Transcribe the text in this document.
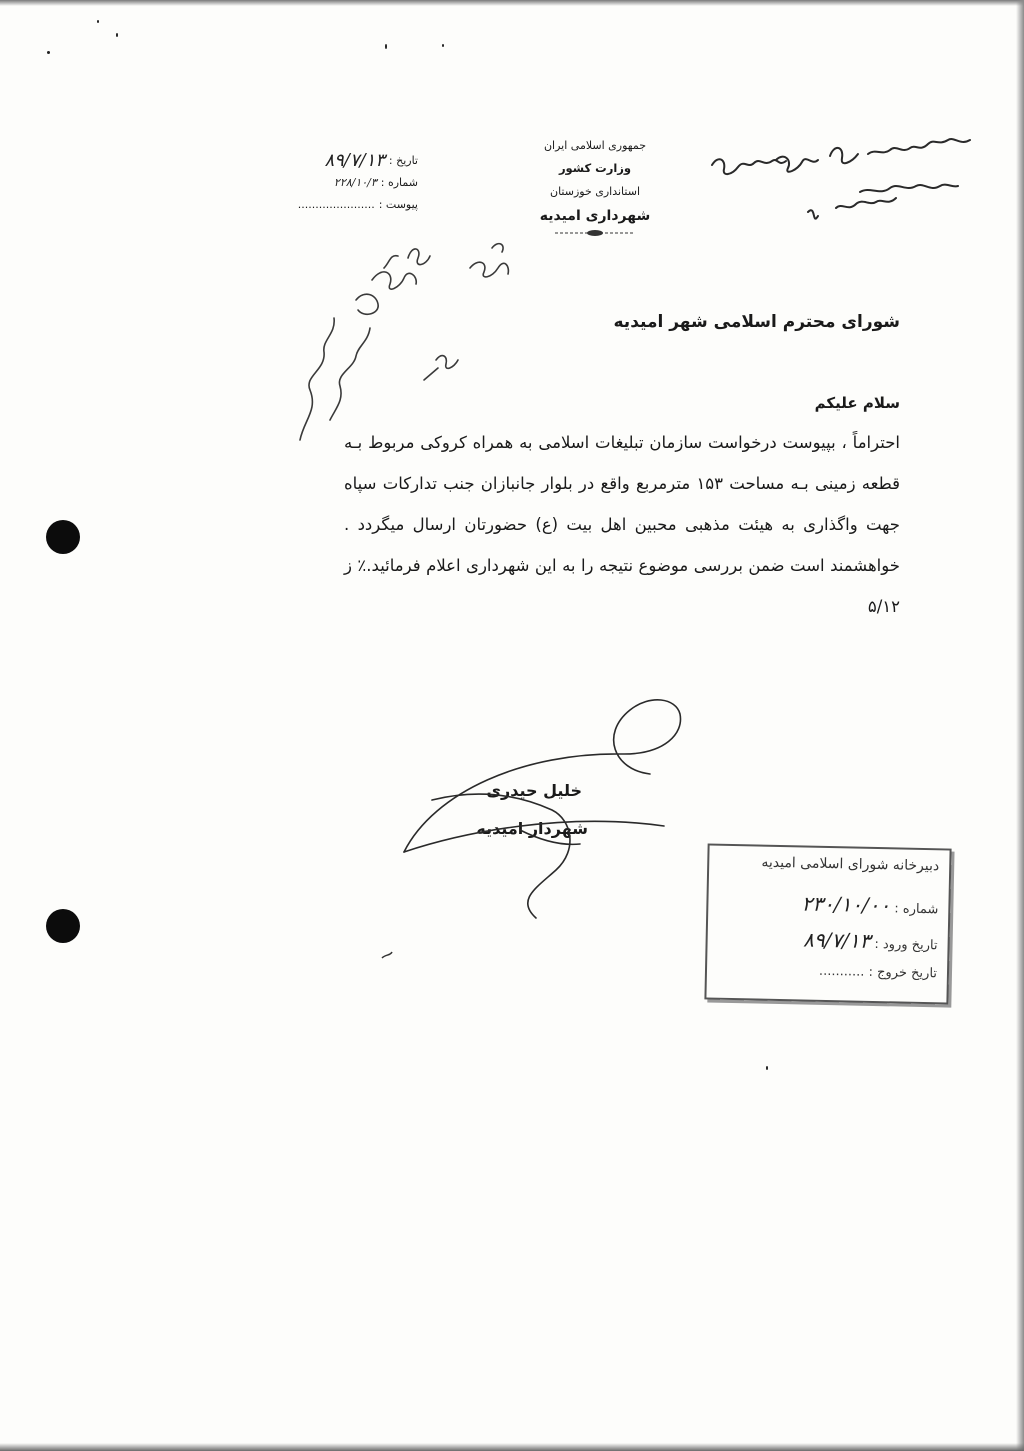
جمهوری اسلامی ایران
وزارت کشور
استانداری خوزستان
شهرداری امیدیه
تاریخ :
۸۹/۷/۱۳
شماره :
۲۲۸/۱۰/۳
پیوست :
......................
شورای محترم اسلامی شهر امیدیه
سلام علیکم
احتراماً ، بپیوست درخواست سازمان تبلیغات اسلامی به همراه کروکی مربوط بـه قطعه زمینی بـه مساحت ۱۵۳ مترمربع واقع در بلوار جانبازان جنب تدارکات سپاه جهت واگذاری به هیئت مذهبی محبین اهل بیت (ع) حضورتان ارسال میگردد . خواهشمند است ضمن بررسی موضوع نتیجه را به این شهرداری اعلام فرمائید.٪ ز ۵/۱۲
خلیل حیدری
شهردار امیدیه
دبیرخانه شورای اسلامی امیدیه
شماره : ۲۳۰/۱۰/۰۰
تاریخ ورود : ۸۹/۷/۱۳
تاریخ خروج : ...........
